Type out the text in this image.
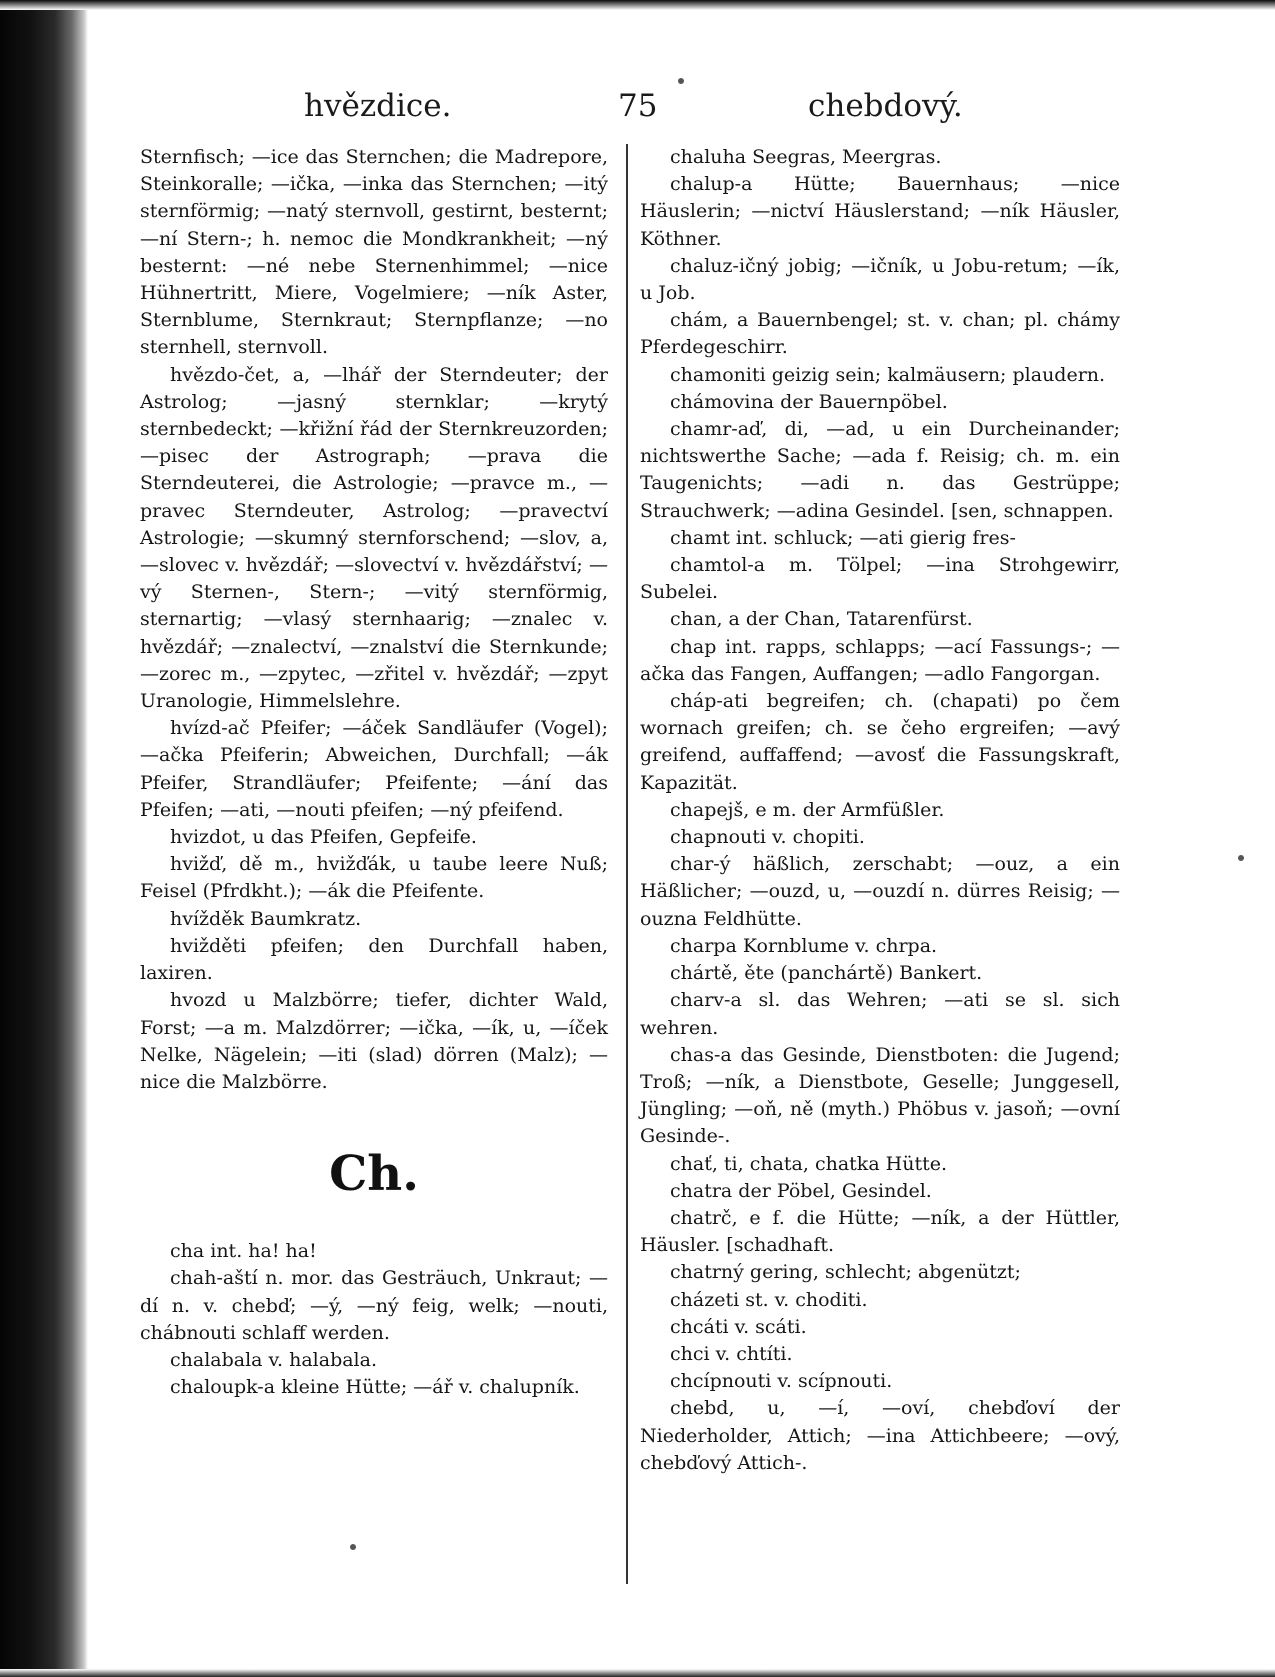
hvězdice.	75	chebdový.

Sternfisch; —ice das Sternchen; die Madrepore, Steinkoralle; —ička, —inka das Sternchen; —itý sternförmig; —natý sternvoll, gestirnt, besternt; —ní Stern-; h. nemoc die Mondkrankheit; —ný besternt: —né nebe Sternenhimmel; —nice Hühnertritt, Miere, Vogelmiere; —ník Aster, Sternblume, Sternkraut; Sternpflanze; —no sternhell, sternvoll.

hvězdo-čet, a, —lhář der Sterndeuter; der Astrolog; —jasný sternklar; —krytý sternbedeckt; —křižní řád der Sternkreuzorden; —pisec der Astrograph; —prava die Sterndeuterei, die Astrologie; —pravce m., —pravec Sterndeuter, Astrolog; —pravectví Astrologie; —skumný sternforschend; —slov, a, —slovec v. hvězdář; —slovectví v. hvězdářství; —vý Sternen-, Stern-; —vitý sternförmig, sternartig; —vlasý sternhaarig; —znalec v. hvězdář; —znalectví, —znalství die Sternkunde; —zorec m., —zpytec, —zřitel v. hvězdář; —zpyt Uranologie, Himmelslehre.

hvízd-ač Pfeifer; —áček Sandläufer (Vogel); —ačka Pfeiferin; Abweichen, Durchfall; —ák Pfeifer, Strandläufer; Pfeifente; —ání das Pfeifen; —ati, —nouti pfeifen; —ný pfeifend.

hvizdot, u das Pfeifen, Gepfeife.

hvižď, dě m., hvižďák, u taube leere Nuß; Feisel (Pfrdkht.); —ák die Pfeifente.

hvížděk Baumkratz.

hvižděti pfeifen; den Durchfall haben, laxiren.

hvozd u Malzbörre; tiefer, dichter Wald, Forst; —a m. Malzdörrer; —ička, —ík, u, —íček Nelke, Nägelein; —iti (slad) dörren (Malz); —nice die Malzbörre.

Ch.

cha int. ha! ha!

chah-aští n. mor. das Gesträuch, Unkraut; —dí n. v. chebď; —ý, —ný feig, welk; —nouti, chábnouti schlaff werden.

chalabala v. halabala.

chaloupk-a kleine Hütte; —ář v. chalupník.

chaluha Seegras, Meergras.

chalup-a Hütte; Bauernhaus; —nice Häuslerin; —nictví Häuslerstand; —ník Häusler, Köthner.

chaluz-ičný jobig; —ičník, u Jobu-retum; —ík, u Job.

chám, a Bauernbengel; st. v. chan; pl. chámy Pferdegeschirr.

chamoniti geizig sein; kalmäusern; plaudern.

chámovina der Bauernpöbel.

chamr-aď, di, —ad, u ein Durcheinander; nichtswerthe Sache; —ada f. Reisig; ch. m. ein Taugenichts; —adi n. das Gestrüppe; Strauchwerk; —adina Gesindel. [sen, schnappen.

chamt int. schluck; —ati gierig fres-

chamtol-a m. Tölpel; —ina Strohgewirr, Subelei.

chan, a der Chan, Tatarenfürst.

chap int. rapps, schlapps; —ací Fassungs-; —ačka das Fangen, Auffangen; —adlo Fangorgan.

cháp-ati begreifen; ch. (chapati) po čem wornach greifen; ch. se čeho ergreifen; —avý greifend, auffaffend; —avosť die Fassungskraft, Kapazität.

chapejš, e m. der Armfüßler.

chapnouti v. chopiti.

char-ý häßlich, zerschabt; —ouz, a ein Häßlicher; —ouzd, u, —ouzdí n. dürres Reisig; —ouzna Feldhütte.

charpa Kornblume v. chrpa.

chártě, ěte (panchártě) Bankert.

charv-a sl. das Wehren; —ati se sl. sich wehren.

chas-a das Gesinde, Dienstboten: die Jugend; Troß; —ník, a Dienstbote, Geselle; Junggesell, Jüngling; —oň, ně (myth.) Phöbus v. jasoň; —ovní Gesinde-.

chať, ti, chata, chatka Hütte.

chatra der Pöbel, Gesindel.

chatrč, e f. die Hütte; —ník, a der Hüttler, Häusler. [schadhaft.

chatrný gering, schlecht; abgenützt;

cházeti st. v. choditi.

chcáti v. scáti.

chci v. chtíti.

chcípnouti v. scípnouti.

chebd, u, —í, —oví, chebďoví der Niederholder, Attich; —ina Attichbeere; —ový, chebďový Attich-.
